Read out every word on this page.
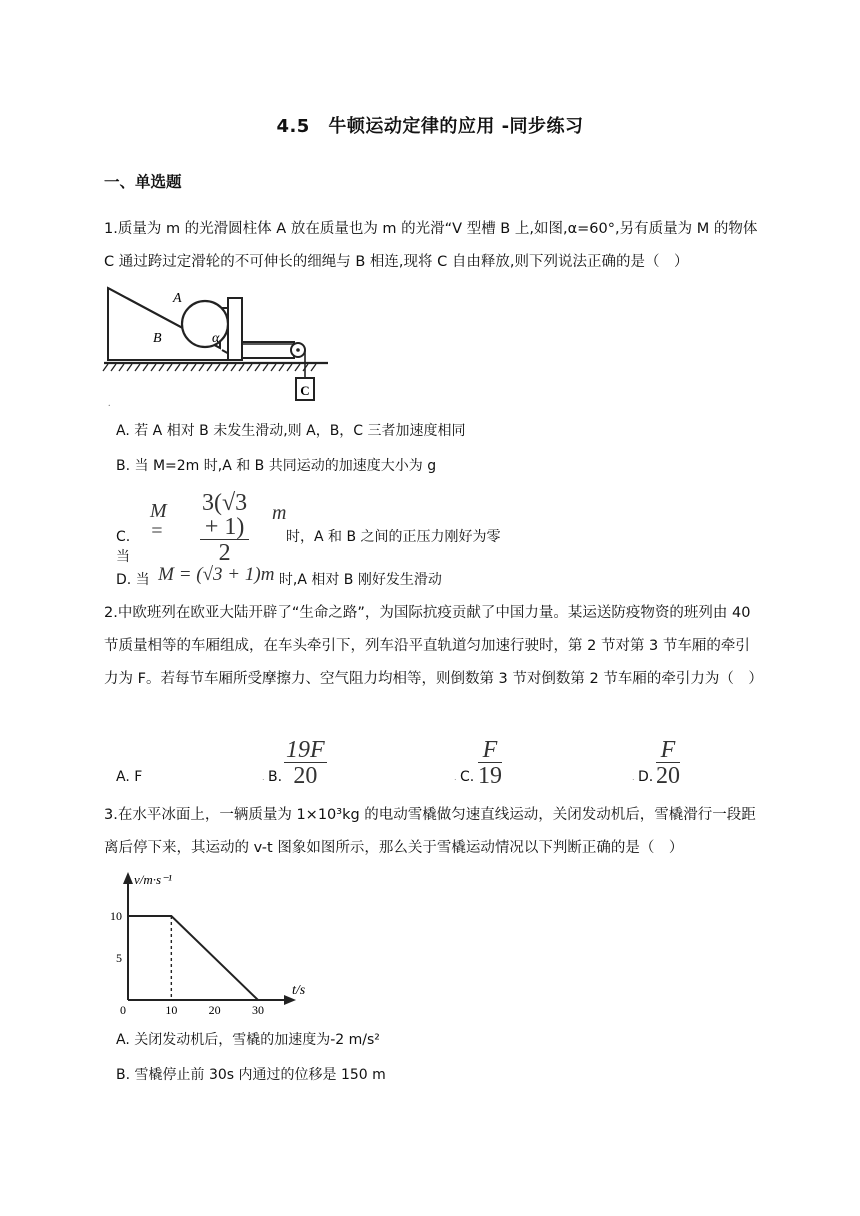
4.5　牛顿运动定律的应用 -同步练习
一、单选题
1.质量为 m 的光滑圆柱体 A 放在质量也为 m 的光滑“V 型槽 B 上,如图,α=60°,另有质量为 M 的物体 C 通过跨过定滑轮的不可伸长的细绳与 B 相连,现将 C 自由释放,则下列说法正确的是（　）
C
A
B	α
.
A. 若 A 相对 B 未发生滑动,则 A，B，C 三者加速度相同
B. 当 M=2m 时,A 和 B 共同运动的加速度大小为 g
C. 当
M =
3(√3 + 1)
2
m
时，A 和 B 之间的正压力刚好为零
D. 当 M = (√3 + 1)m 时,A 相对 B 刚好发生滑动
2.中欧班列在欧亚大陆开辟了“生命之路”，为国际抗疫贡献了中国力量。某运送防疫物资的班列由 40 节质量相等的车厢组成，在车头牵引下，列车沿平直轨道匀加速行驶时，第 2 节对第 3 节车厢的牵引力为 F。若每节车厢所受摩擦力、空气阻力均相等，则倒数第 3 节对倒数第 2 节车厢的牵引力为（　）
A. F	. B.
19F
20	. C.
F
19	. D.
F
20
3.在水平冰面上，一辆质量为 1×10³kg 的电动雪橇做匀速直线运动，关闭发动机后，雪橇滑行一段距离后停下来，其运动的 v-t 图象如图所示，那么关于雪橇运动情况以下判断正确的是（　）
v/m·s⁻¹
t/s
0	10	20	30
5
10
A. 关闭发动机后，雪橇的加速度为-2 m/s²
B. 雪橇停止前 30s 内通过的位移是 150 m
